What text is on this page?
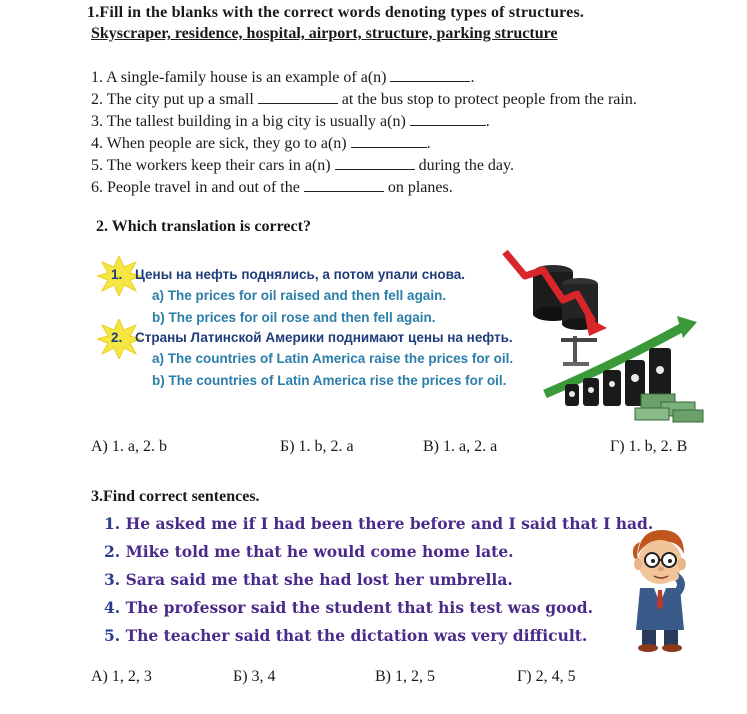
1.Fill in the blanks with the correct words denoting types of structures.
Skyscraper, residence, hospital, airport, structure, parking structure
1. A single-family house is an example of a(n)	.
2. The city put up a small	at the bus stop to protect people from the rain.
3. The tallest building in a big city is usually a(n)	.
4. When people are sick, they go to a(n)	.
5. The workers keep their cars in a(n)	during the day.
6. People travel in and out of the	on planes.
2. Which translation is correct?
1. Цены на нефть поднялись, а потом упали снова.
a) The prices for oil raised and then fell again.
b) The prices for oil rose and then fell again.
2. Страны Латинской Америки поднимают цены на нефть.
a) The countries of Latin America raise the prices for oil.
b) The countries of Latin America rise the prices for oil.
A) 1. a, 2. b	Б) 1. b, 2. a	В) 1. a, 2. a	Г) 1. b, 2. B
3.Find correct sentences.
1. He asked me if I had been there before and I said that I had.
2. Mike told me that he would come home late.
3. Sara said me that she had lost her umbrella.
4. The professor said the student that his test was good.
5. The teacher said that the dictation was very difficult.
A) 1, 2, 3	Б) 3, 4	В) 1, 2, 5	Г) 2, 4, 5
